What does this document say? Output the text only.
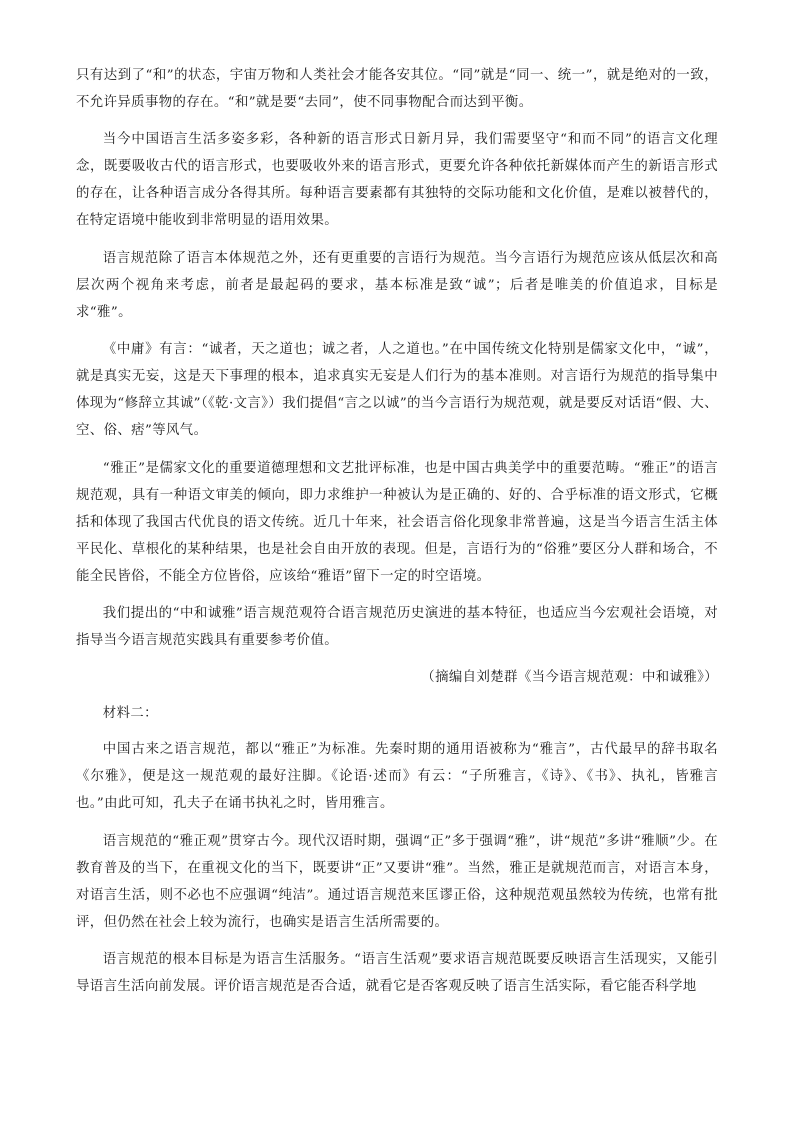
只有达到了“和”的状态，宇宙万物和人类社会才能各安其位。“同”就是“同一、统一”，就是绝对的一致，不允许异质事物的存在。“和”就是要“去同”，使不同事物配合而达到平衡。

当今中国语言生活多姿多彩，各种新的语言形式日新月异，我们需要坚守“和而不同”的语言文化理念，既要吸收古代的语言形式，也要吸收外来的语言形式，更要允许各种依托新媒体而产生的新语言形式的存在，让各种语言成分各得其所。每种语言要素都有其独特的交际功能和文化价值，是难以被替代的，在特定语境中能收到非常明显的语用效果。

语言规范除了语言本体规范之外，还有更重要的言语行为规范。当今言语行为规范应该从低层次和高层次两个视角来考虑，前者是最起码的要求，基本标准是致“诚”；后者是唯美的价值追求，目标是求“雅”。

《中庸》有言：“诚者，天之道也；诚之者，人之道也。”在中国传统文化特别是儒家文化中，“诚”，就是真实无妄，这是天下事理的根本，追求真实无妄是人们行为的基本准则。对言语行为规范的指导集中体现为“修辞立其诚”（《乾·文言》）我们提倡“言之以诚”的当今言语行为规范观，就是要反对话语“假、大、空、俗、痞”等风气。

“雅正”是儒家文化的重要道德理想和文艺批评标准，也是中国古典美学中的重要范畴。“雅正”的语言规范观，具有一种语文审美的倾向，即力求维护一种被认为是正确的、好的、合乎标准的语文形式，它概括和体现了我国古代优良的语文传统。近几十年来，社会语言俗化现象非常普遍，这是当今语言生活主体平民化、草根化的某种结果，也是社会自由开放的表现。但是，言语行为的“俗雅”要区分人群和场合，不能全民皆俗，不能全方位皆俗，应该给“雅语”留下一定的时空语境。

我们提出的“中和诚雅”语言规范观符合语言规范历史演进的基本特征，也适应当今宏观社会语境，对指导当今语言规范实践具有重要参考价值。

（摘编自刘楚群《当今语言规范观：中和诚雅》）

材料二：

中国古来之语言规范，都以“雅正”为标准。先秦时期的通用语被称为“雅言”，古代最早的辞书取名《尔雅》，便是这一规范观的最好注脚。《论语·述而》有云：“子所雅言，《诗》、《书》、执礼，皆雅言也。”由此可知，孔夫子在诵书执礼之时，皆用雅言。

语言规范的“雅正观”贯穿古今。现代汉语时期，强调“正”多于强调“雅”，讲“规范”多讲“雅顺”少。在教育普及的当下，在重视文化的当下，既要讲“正”又要讲“雅”。当然，雅正是就规范而言，对语言本身，对语言生活，则不必也不应强调“纯洁”。通过语言规范来匡谬正俗，这种规范观虽然较为传统，也常有批评，但仍然在社会上较为流行，也确实是语言生活所需要的。

语言规范的根本目标是为语言生活服务。“语言生活观”要求语言规范既要反映语言生活现实，又能引导语言生活向前发展。评价语言规范是否合适，就看它是否客观反映了语言生活实际，看它能否科学地
